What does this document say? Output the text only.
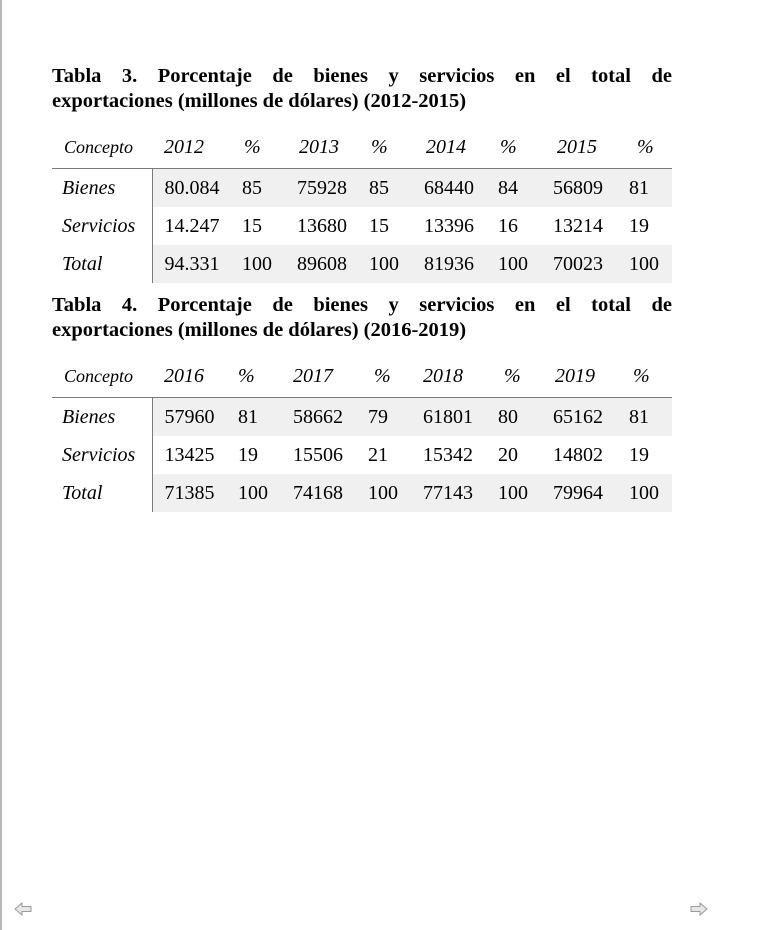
Tabla 3. Porcentaje de bienes y servicios en el total de
exportaciones (millones de dólares) (2012-2015)

Concepto	2012	%	2013	%	2014	%	2015	%
Bienes	80.084	85	75928	85	68440	84	56809	81
Servicios	14.247	15	13680	15	13396	16	13214	19
Total	94.331	100	89608	100	81936	100	70023	100

Tabla 4. Porcentaje de bienes y servicios en el total de
exportaciones (millones de dólares) (2016-2019)

Concepto	2016	%	2017	%	2018	%	2019	%
Bienes	57960	81	58662	79	61801	80	65162	81
Servicios	13425	19	15506	21	15342	20	14802	19
Total	71385	100	74168	100	77143	100	79964	100
